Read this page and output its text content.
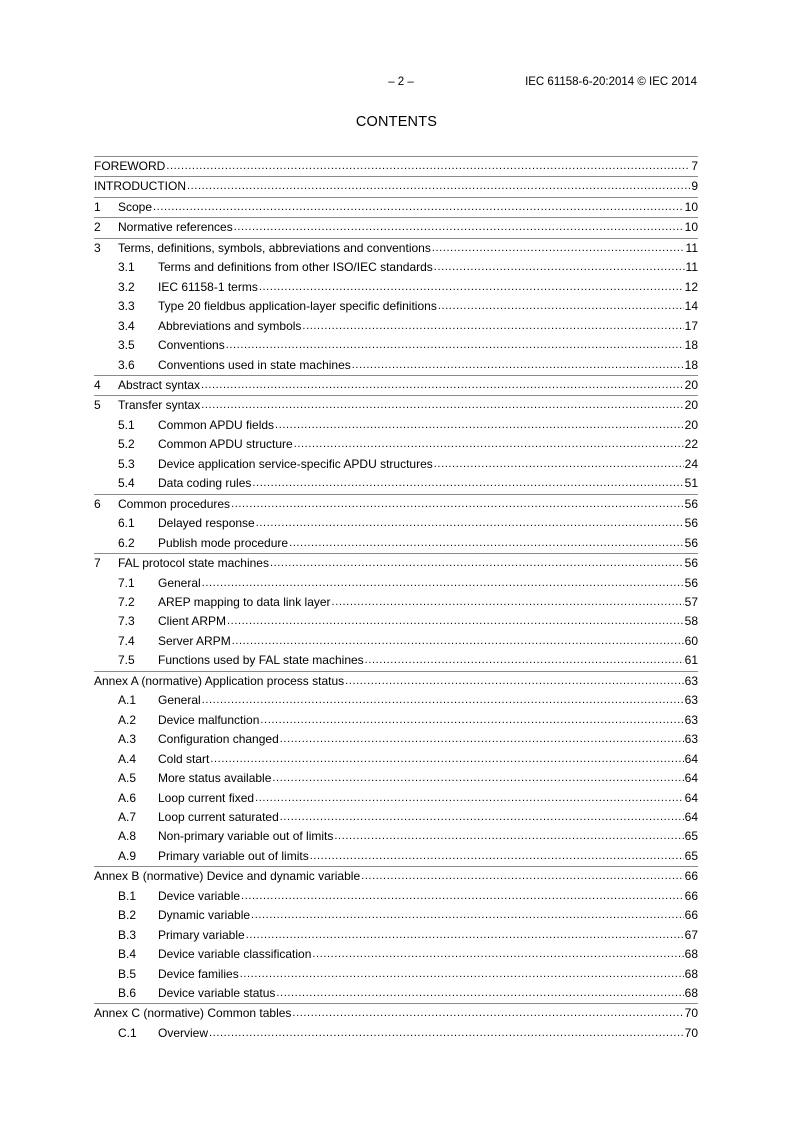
– 2 –	IEC 61158-6-20:2014 © IEC 2014
CONTENTS
FOREWORD .....	7
INTRODUCTION .....	9
1	Scope .....	10
2	Normative references .....	10
3	Terms, definitions, symbols, abbreviations and conventions .....	11
3.1	Terms and definitions from other ISO/IEC standards .....	11
3.2	IEC 61158-1 terms .....	12
3.3	Type 20 fieldbus application-layer specific definitions .....	14
3.4	Abbreviations and symbols .....	17
3.5	Conventions .....	18
3.6	Conventions used in state machines .....	18
4	Abstract syntax .....	20
5	Transfer syntax .....	20
5.1	Common APDU fields .....	20
5.2	Common APDU structure .....	22
5.3	Device application service-specific APDU structures .....	24
5.4	Data coding rules .....	51
6	Common procedures .....	56
6.1	Delayed response .....	56
6.2	Publish mode procedure .....	56
7	FAL protocol state machines .....	56
7.1	General .....	56
7.2	AREP mapping to data link layer .....	57
7.3	Client ARPM .....	58
7.4	Server ARPM .....	60
7.5	Functions used by FAL state machines .....	61
Annex A (normative) Application process status .....	63
A.1	General .....	63
A.2	Device malfunction .....	63
A.3	Configuration changed .....	63
A.4	Cold start .....	64
A.5	More status available .....	64
A.6	Loop current fixed .....	64
A.7	Loop current saturated .....	64
A.8	Non-primary variable out of limits .....	65
A.9	Primary variable out of limits .....	65
Annex B (normative) Device and dynamic variable .....	66
B.1	Device variable .....	66
B.2	Dynamic variable .....	66
B.3	Primary variable .....	67
B.4	Device variable classification .....	68
B.5	Device families .....	68
B.6	Device variable status .....	68
Annex C (normative) Common tables .....	70
C.1	Overview .....	70
